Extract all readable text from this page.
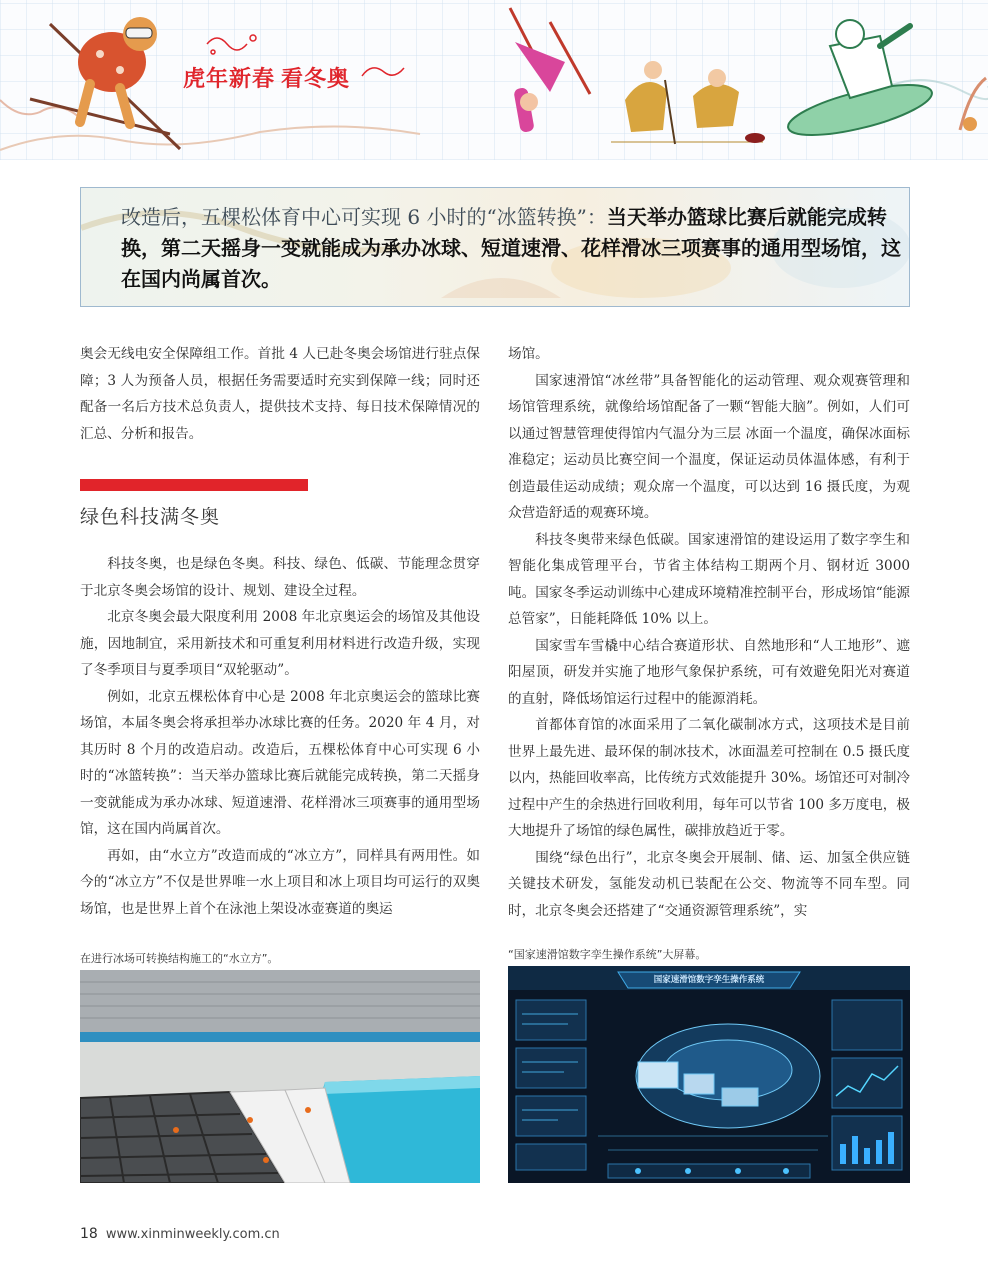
虎年新春 看冬奥
改造后，五棵松体育中心可实现 6 小时的“冰篮转换”：当天举办篮球比赛后就能完成转换，第二天摇身一变就能成为承办冰球、短道速滑、花样滑冰三项赛事的通用型场馆，这在国内尚属首次。

奥会无线电安全保障组工作。首批 4 人已赴冬奥会场馆进行驻点保障；3 人为预备人员，根据任务需要适时充实到保障一线；同时还配备一名后方技术总负责人，提供技术支持、每日技术保障情况的汇总、分析和报告。

绿色科技满冬奥

科技冬奥，也是绿色冬奥。科技、绿色、低碳、节能理念贯穿于北京冬奥会场馆的设计、规划、建设全过程。

北京冬奥会最大限度利用 2008 年北京奥运会的场馆及其他设施，因地制宜，采用新技术和可重复利用材料进行改造升级，实现了冬季项目与夏季项目“双轮驱动”。

例如，北京五棵松体育中心是 2008 年北京奥运会的篮球比赛场馆，本届冬奥会将承担举办冰球比赛的任务。2020 年 4 月，对其历时 8 个月的改造启动。改造后，五棵松体育中心可实现 6 小时的“冰篮转换”：当天举办篮球比赛后就能完成转换，第二天摇身一变就能成为承办冰球、短道速滑、花样滑冰三项赛事的通用型场馆，这在国内尚属首次。

再如，由“水立方”改造而成的“冰立方”，同样具有两用性。如今的“冰立方”不仅是世界唯一水上项目和冰上项目均可运行的双奥场馆，也是世界上首个在泳池上架设冰壶赛道的奥运

场馆。

国家速滑馆“冰丝带”具备智能化的运动管理、观众观赛管理和场馆管理系统，就像给场馆配备了一颗“智能大脑”。例如，人们可以通过智慧管理使得馆内气温分为三层 冰面一个温度，确保冰面标准稳定；运动员比赛空间一个温度，保证运动员体温体感，有利于创造最佳运动成绩；观众席一个温度，可以达到 16 摄氏度，为观众营造舒适的观赛环境。

科技冬奥带来绿色低碳。国家速滑馆的建设运用了数字孪生和智能化集成管理平台，节省主体结构工期两个月、钢材近 3000 吨。国家冬季运动训练中心建成环境精准控制平台，形成场馆“能源总管家”，日能耗降低 10% 以上。

国家雪车雪橇中心结合赛道形状、自然地形和“人工地形”、遮阳屋顶，研发并实施了地形气象保护系统，可有效避免阳光对赛道的直射，降低场馆运行过程中的能源消耗。

首都体育馆的冰面采用了二氧化碳制冰方式，这项技术是目前世界上最先进、最环保的制冰技术，冰面温差可控制在 0.5 摄氏度以内，热能回收率高，比传统方式效能提升 30%。场馆还可对制冷过程中产生的余热进行回收利用，每年可以节省 100 多万度电，极大地提升了场馆的绿色属性，碳排放趋近于零。

围绕“绿色出行”，北京冬奥会开展制、储、运、加氢全供应链关键技术研发，氢能发动机已装配在公交、物流等不同车型。同时，北京冬奥会还搭建了“交通资源管理系统”，实

在进行冰场可转换结构施工的“水立方”。	“国家速滑馆数字孪生操作系统”大屏幕。
国家速滑馆数字孪生操作系统
18 www.xinminweekly.com.cn
